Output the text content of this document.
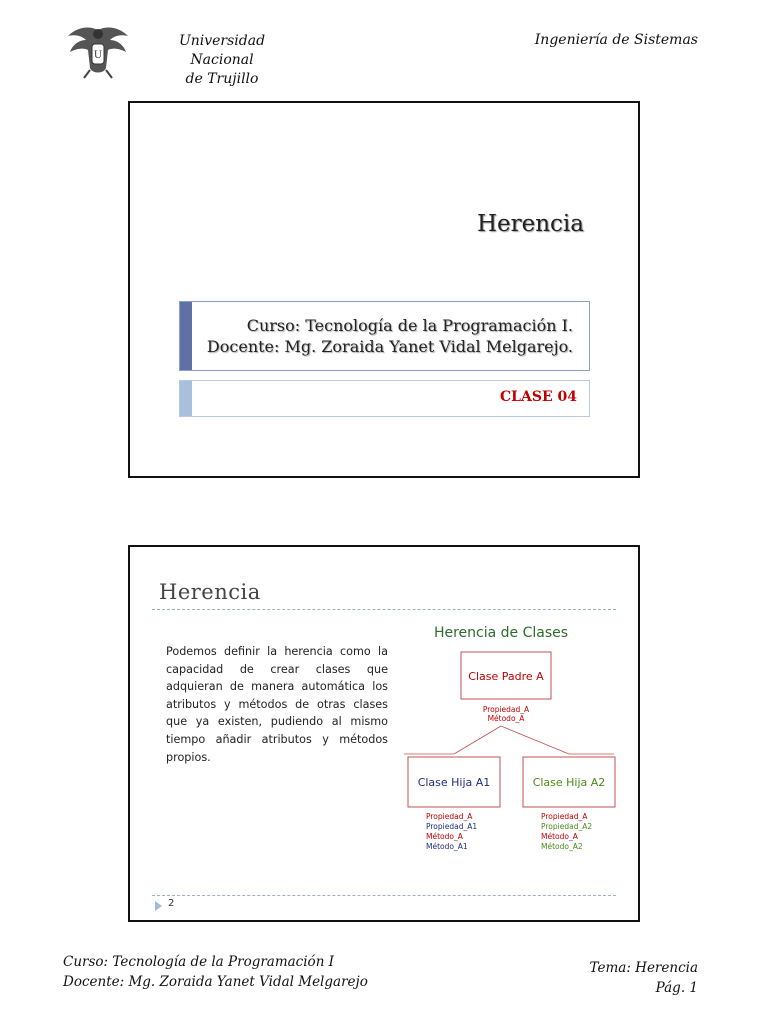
U
Universidad Nacional
de Trujillo
Ingeniería de Sistemas
Herencia
Curso: Tecnología de la Programación I.
Docente: Mg. Zoraida Yanet Vidal Melgarejo.
CLASE 04
Herencia
Podemos definir la herencia como la capacidad de crear clases que adquieran de manera automática los atributos y métodos de otras clases que ya existen, pudiendo al mismo tiempo añadir atributos y métodos propios.
Herencia de Clases
Clase Padre A
Propiedad_A
Método_A
Clase Hija A1
Propiedad_A
Propiedad_A1
Método_A
Método_A1
Clase Hija A2
Propiedad_A
Propiedad_A2
Método_A
Método_A2
2
Curso: Tecnología de la Programación I
Docente: Mg. Zoraida Yanet Vidal Melgarejo
Tema: Herencia
Pág. 1
